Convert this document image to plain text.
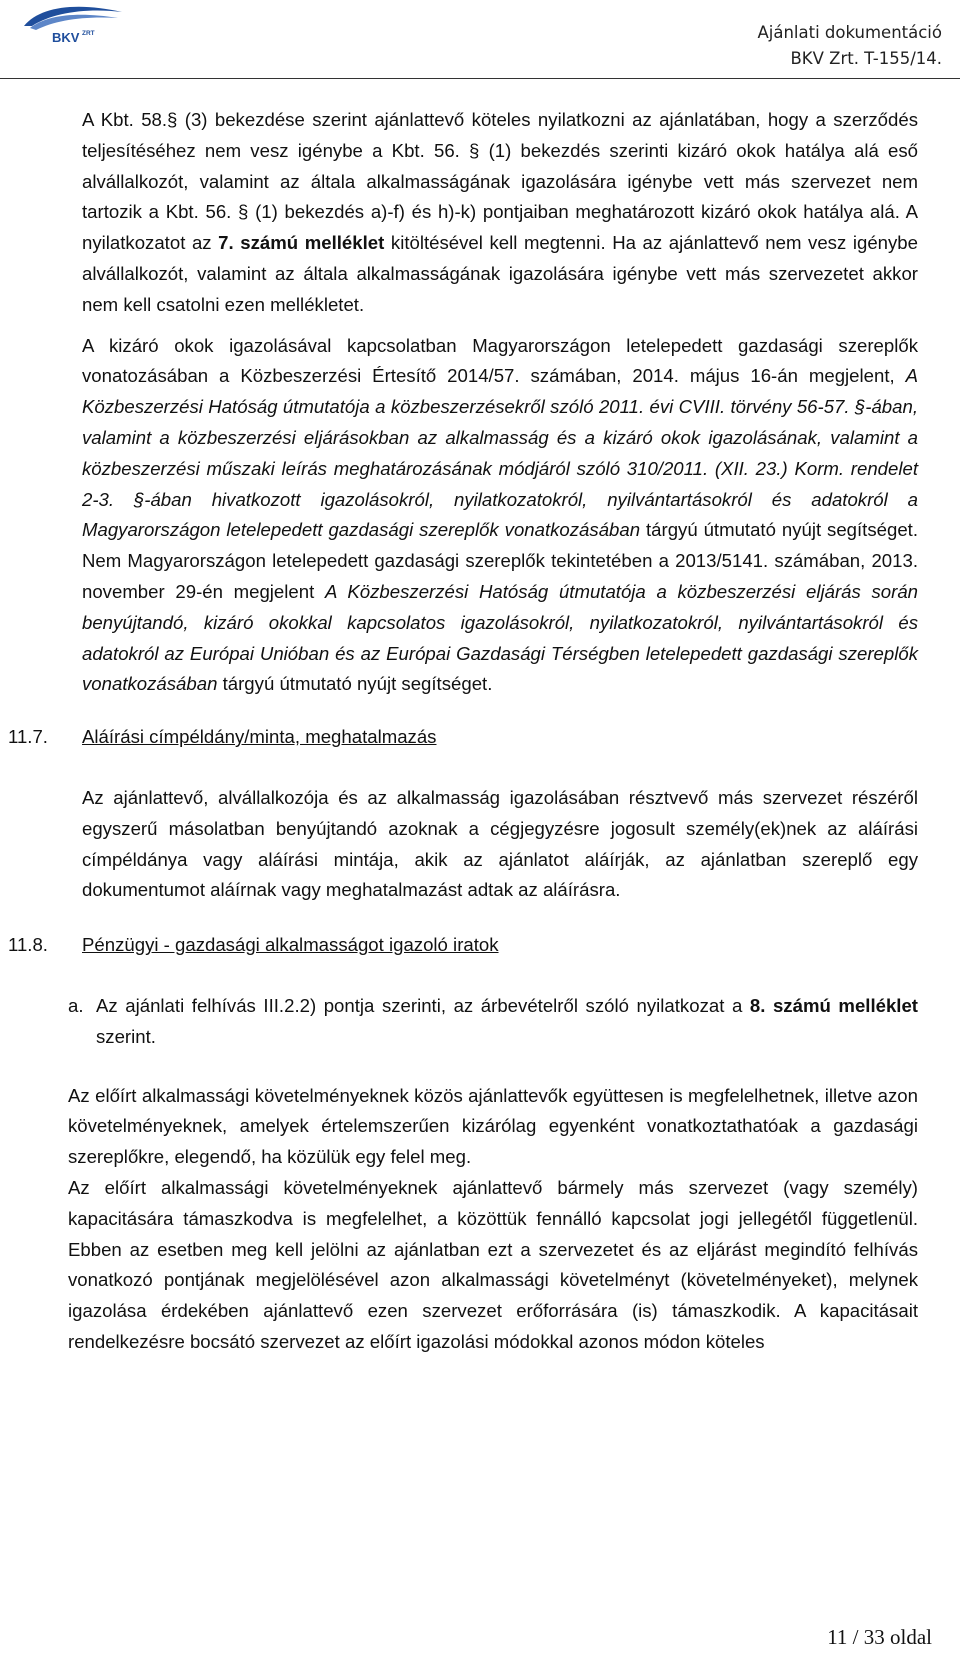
BKV ZRT	Ajánlati dokumentáció
BKV Zrt. T-155/14.

A Kbt. 58.§ (3) bekezdése szerint ajánlattevő köteles nyilatkozni az ajánlatában, hogy a szerződés teljesítéséhez nem vesz igénybe a Kbt. 56. § (1) bekezdés szerinti kizáró okok hatálya alá eső alvállalkozót, valamint az általa alkalmasságának igazolására igénybe vett más szervezet nem tartozik a Kbt. 56. § (1) bekezdés a)-f) és h)-k) pontjaiban meghatározott kizáró okok hatálya alá. A nyilatkozatot az 7. számú melléklet kitöltésével kell megtenni. Ha az ajánlattevő nem vesz igénybe alvállalkozót, valamint az általa alkalmasságának igazolására igénybe vett más szervezetet akkor nem kell csatolni ezen mellékletet.

A kizáró okok igazolásával kapcsolatban Magyarországon letelepedett gazdasági szereplők vonatozásában a Közbeszerzési Értesítő 2014/57. számában, 2014. május 16-án megjelent, A Közbeszerzési Hatóság útmutatója a közbeszerzésekről szóló 2011. évi CVIII. törvény 56-57. §-ában, valamint a közbeszerzési eljárásokban az alkalmasság és a kizáró okok igazolásának, valamint a közbeszerzési műszaki leírás meghatározásának módjáról szóló 310/2011. (XII. 23.) Korm. rendelet 2-3. §-ában hivatkozott igazolásokról, nyilatkozatokról, nyilvántartásokról és adatokról a Magyarországon letelepedett gazdasági szereplők vonatkozásában tárgyú útmutató nyújt segítséget. Nem Magyarországon letelepedett gazdasági szereplők tekintetében a 2013/5141. számában, 2013. november 29-én megjelent A Közbeszerzési Hatóság útmutatója a közbeszerzési eljárás során benyújtandó, kizáró okokkal kapcsolatos igazolásokról, nyilatkozatokról, nyilvántartásokról és adatokról az Európai Unióban és az Európai Gazdasági Térségben letelepedett gazdasági szereplők vonatkozásában tárgyú útmutató nyújt segítséget.

11.7. Aláírási címpéldány/minta, meghatalmazás

Az ajánlattevő, alvállalkozója és az alkalmasság igazolásában résztvevő más szervezet részéről egyszerű másolatban benyújtandó azoknak a cégjegyzésre jogosult személy(ek)nek az aláírási címpéldánya vagy aláírási mintája, akik az ajánlatot aláírják, az ajánlatban szereplő egy dokumentumot aláírnak vagy meghatalmazást adtak az aláírásra.

11.8. Pénzügyi - gazdasági alkalmasságot igazoló iratok
a. Az ajánlati felhívás III.2.2) pontja szerinti, az árbevételről szóló nyilatkozat a 8. számú melléklet szerint.

Az előírt alkalmassági követelményeknek közös ajánlattevők együttesen is megfelelhetnek, illetve azon követelményeknek, amelyek értelemszerűen kizárólag egyenként vonatkoztathatóak a gazdasági szereplőkre, elegendő, ha közülük egy felel meg.

Az előírt alkalmassági követelményeknek ajánlattevő bármely más szervezet (vagy személy) kapacitására támaszkodva is megfelelhet, a közöttük fennálló kapcsolat jogi jellegétől függetlenül. Ebben az esetben meg kell jelölni az ajánlatban ezt a szervezetet és az eljárást megindító felhívás vonatkozó pontjának megjelölésével azon alkalmassági követelményt (követelményeket), melynek igazolása érdekében ajánlattevő ezen szervezet erőforrására (is) támaszkodik. A kapacitásait rendelkezésre bocsátó szervezet az előírt igazolási módokkal azonos módon köteles

11 / 33 oldal
